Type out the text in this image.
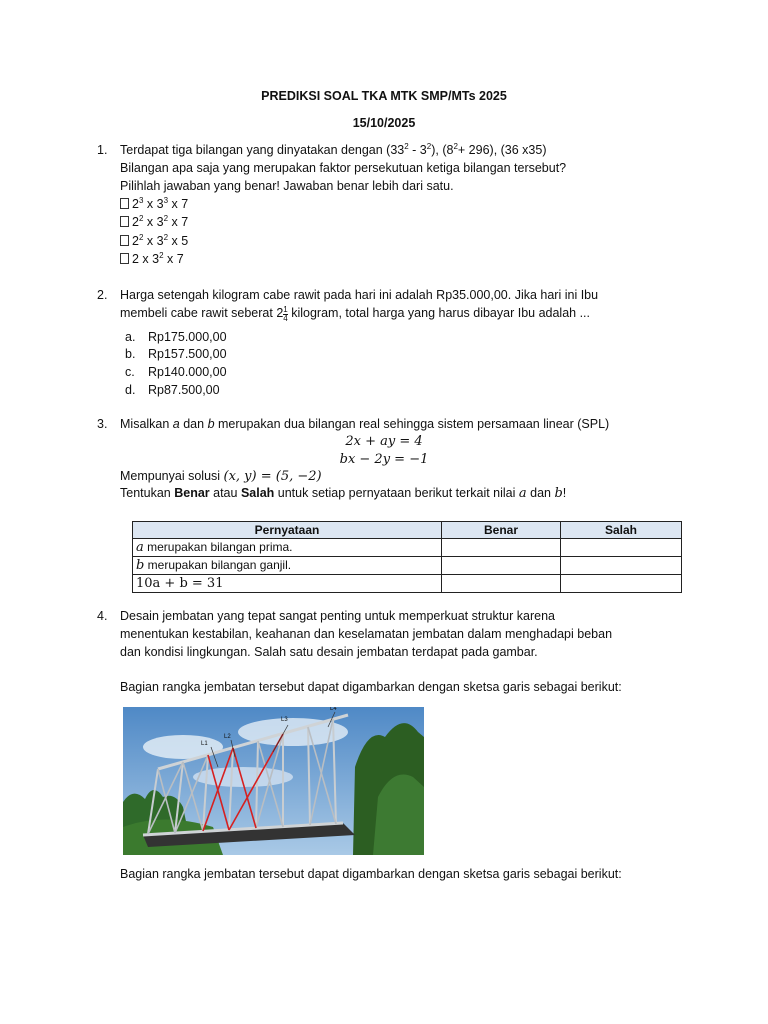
PREDIKSI SOAL TKA MTK SMP/MTs 2025
15/10/2025
1. Terdapat tiga bilangan yang dinyatakan dengan $(33^2 - 3^2)$, $(8^2+ 296)$, (36 x35)
Bilangan apa saja yang merupakan faktor persekutuan ketiga bilangan tersebut?
Pilihlah jawaban yang benar! Jawaban benar lebih dari satu.
$2^3$ x $3^3$ x 7
$2^2$ x $3^2$ x 7
$2^2$ x $3^2$ x 5
2 x $3^2$ x 7
2. Harga setengah kilogram cabe rawit pada hari ini adalah Rp35.000,00. Jika hari ini Ibu
membeli cabe rawit seberat $2 \frac{1}{4}$ kilogram, total harga yang harus dibayar Ibu adalah ...
a. Rp175.000,00
b. Rp157.500,00
c. Rp140.000,00
d. Rp87.500,00
3. Misalkan a dan b merupakan dua bilangan real sehingga sistem persamaan linear (SPL)
2x + ay = 4
bx − 2y = −1
Mempunyai solusi (x, y) = (5, −2)
Tentukan Benar atau Salah untuk setiap pernyataan berikut terkait nilai a dan b!
Pernyataan	Benar	Salah
a merupakan bilangan prima.		
b merupakan bilangan ganjil.		
10a + b = 31		
4. Desain jembatan yang tepat sangat penting untuk memperkuat struktur karena
menentukan kestabilan, keahanan dan keselamatan jembatan dalam menghadapi beban
dan kondisi lingkungan. Salah satu desain jembatan terdapat pada gambar.
Bagian rangka jembatan tersebut dapat digambarkan dengan sketsa garis sebagai berikut:
L1
L2
L3
L4
Bagian rangka jembatan tersebut dapat digambarkan dengan sketsa garis sebagai berikut:
